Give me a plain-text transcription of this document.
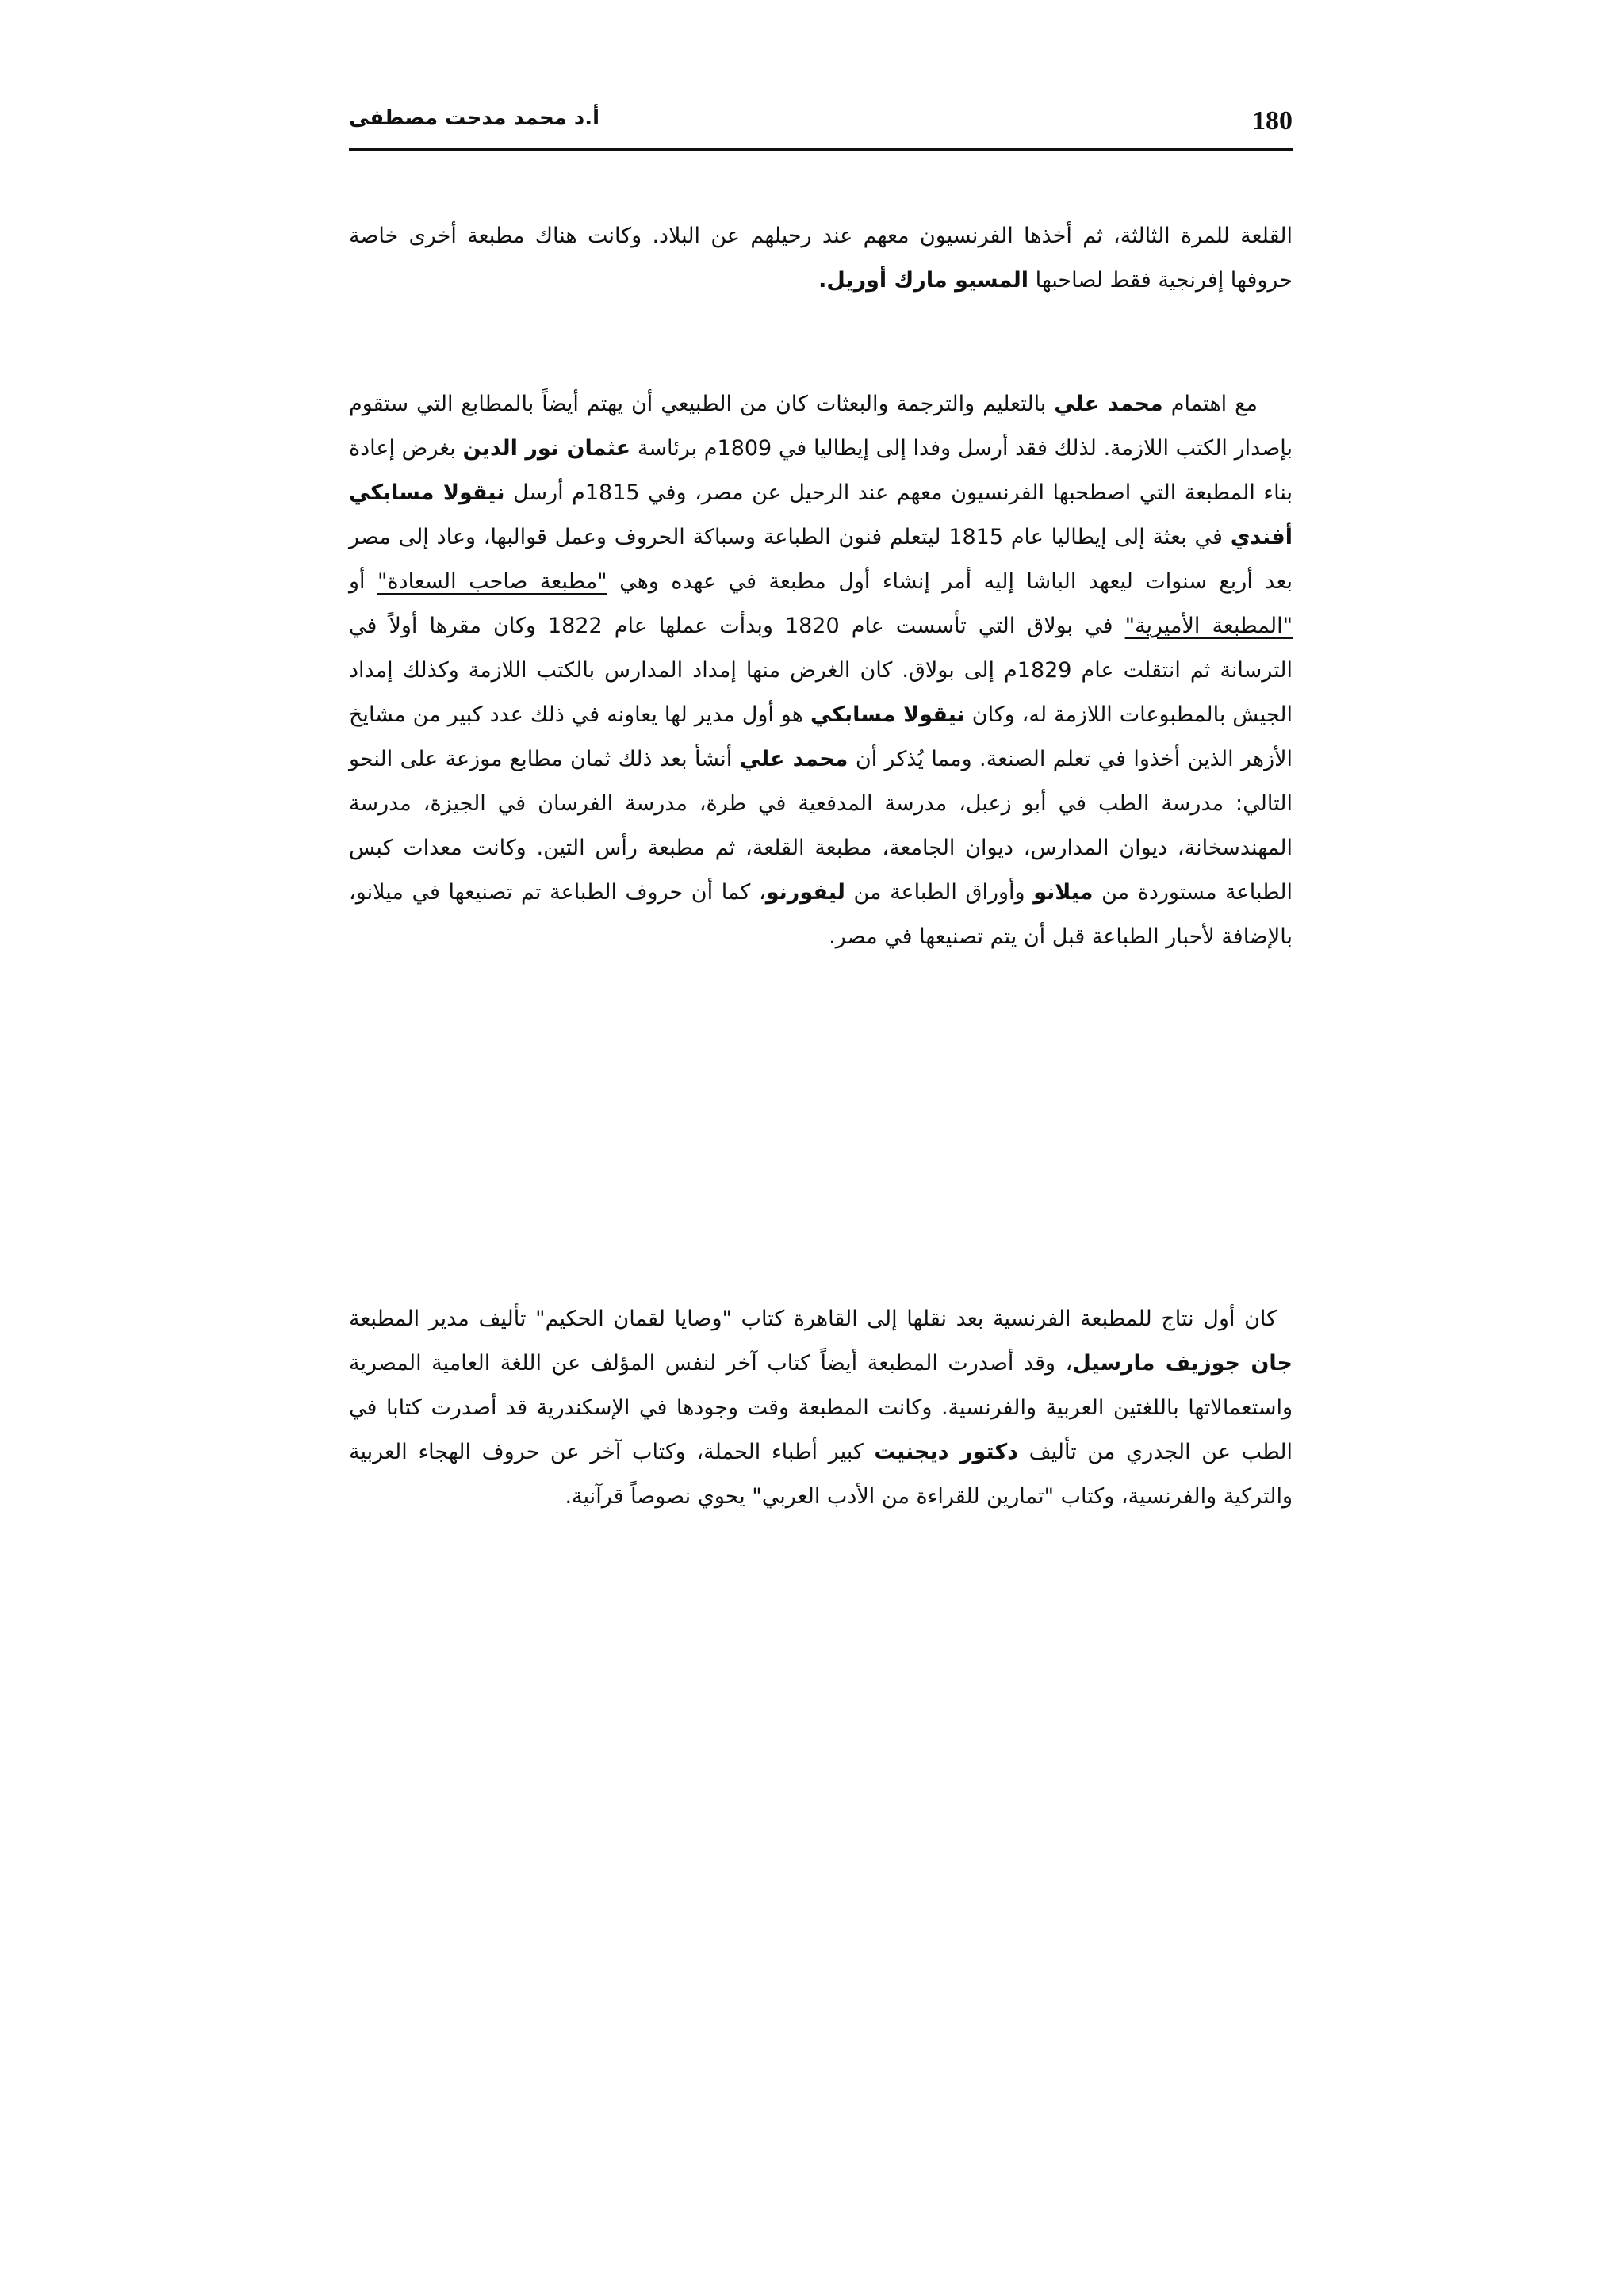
180
أ.د محمد مدحت مصطفى

القلعة للمرة الثالثة، ثم أخذها الفرنسيون معهم عند رحيلهم عن البلاد. وكانت هناك مطبعة أخرى خاصة حروفها إفرنجية فقط لصاحبها المسيو مارك أوريل.

مع اهتمام محمد علي بالتعليم والترجمة والبعثات كان من الطبيعي أن يهتم أيضاً بالمطابع التي ستقوم بإصدار الكتب اللازمة. لذلك فقد أرسل وفدا إلى إيطاليا في 1809م برئاسة عثمان نور الدين بغرض إعادة بناء المطبعة التي اصطحبها الفرنسيون معهم عند الرحيل عن مصر، وفي 1815م أرسل نيقولا مسابكي أفندي في بعثة إلى إيطاليا عام 1815 ليتعلم فنون الطباعة وسباكة الحروف وعمل قوالبها، وعاد إلى مصر بعد أربع سنوات ليعهد الباشا إليه أمر إنشاء أول مطبعة في عهده وهي "مطبعة صاحب السعادة" أو "المطبعة الأميرية" في بولاق التي تأسست عام 1820 وبدأت عملها عام 1822 وكان مقرها أولاً في الترسانة ثم انتقلت عام 1829م إلى بولاق. كان الغرض منها إمداد المدارس بالكتب اللازمة وكذلك إمداد الجيش بالمطبوعات اللازمة له، وكان نيقولا مسابكي هو أول مدير لها يعاونه في ذلك عدد كبير من مشايخ الأزهر الذين أخذوا في تعلم الصنعة. ومما يُذكر أن محمد علي أنشأ بعد ذلك ثمان مطابع موزعة على النحو التالي: مدرسة الطب في أبو زعبل، مدرسة المدفعية في طرة، مدرسة الفرسان في الجيزة، مدرسة المهندسخانة، ديوان المدارس، ديوان الجامعة، مطبعة القلعة، ثم مطبعة رأس التين. وكانت معدات كبس الطباعة مستوردة من ميلانو وأوراق الطباعة من ليفورنو، كما أن حروف الطباعة تم تصنيعها في ميلانو، بالإضافة لأحبار الطباعة قبل أن يتم تصنيعها في مصر.

كان أول نتاج للمطبعة الفرنسية بعد نقلها إلى القاهرة كتاب "وصايا لقمان الحكيم" تأليف مدير المطبعة جان جوزيف مارسيل، وقد أصدرت المطبعة أيضاً كتاب آخر لنفس المؤلف عن اللغة العامية المصرية واستعمالاتها باللغتين العربية والفرنسية. وكانت المطبعة وقت وجودها في الإسكندرية قد أصدرت كتابا في الطب عن الجدري من تأليف دكتور ديجنيت كبير أطباء الحملة، وكتاب آخر عن حروف الهجاء العربية والتركية والفرنسية، وكتاب "تمارين للقراءة من الأدب العربي" يحوي نصوصاً قرآنية.
